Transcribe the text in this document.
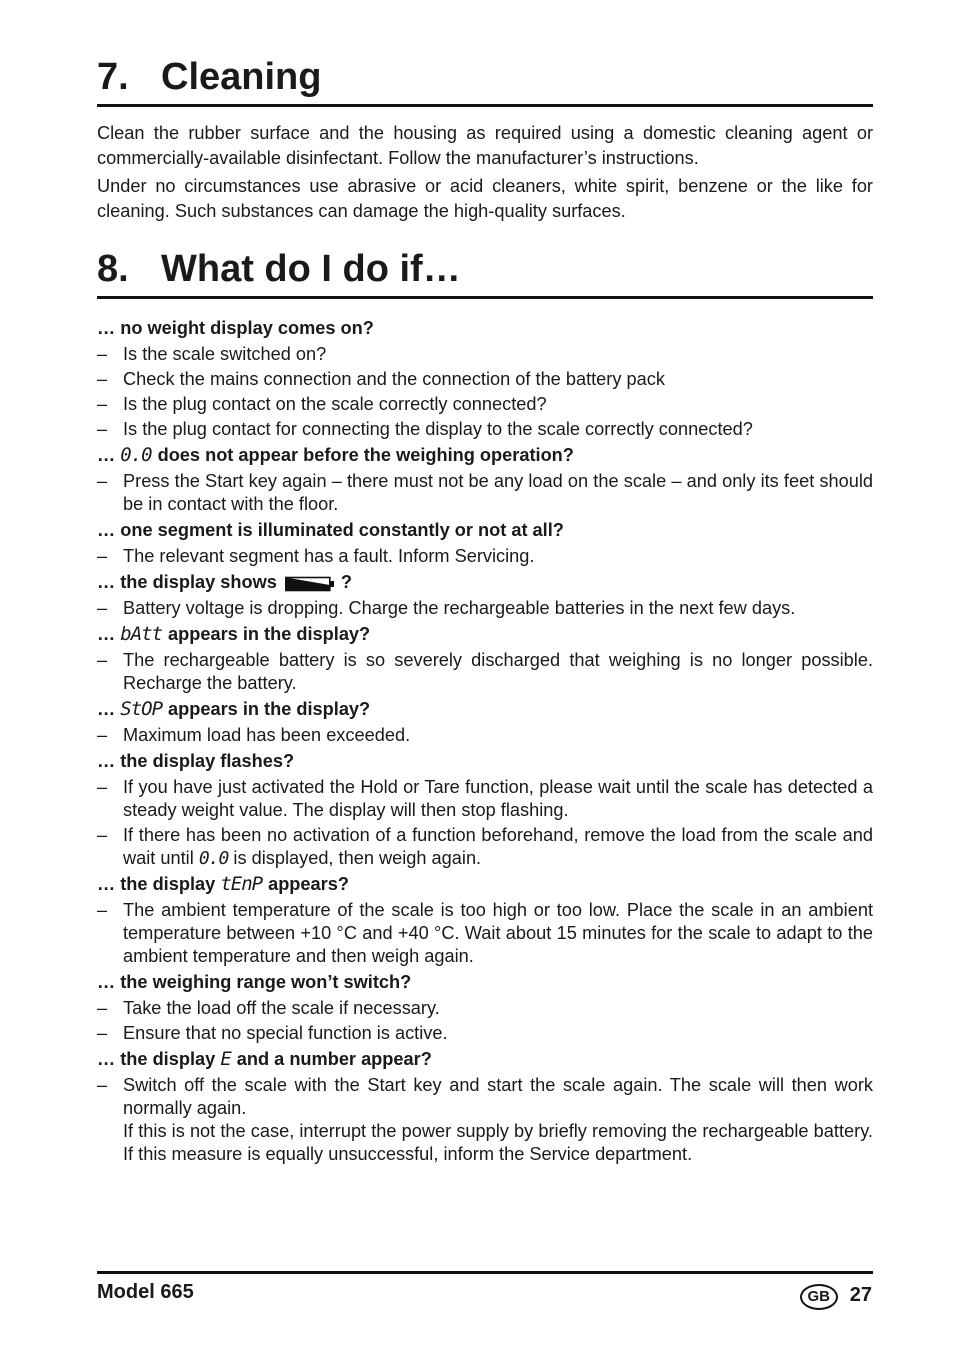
7. Cleaning

Clean the rubber surface and the housing as required using a domestic cleaning agent or commercially-available disinfectant. Follow the manufacturer’s instructions.

Under no circumstances use abrasive or acid cleaners, white spirit, benzene or the like for cleaning. Such substances can damage the high-quality surfaces.

8. What do I do if…
… no weight display comes on?
– Is the scale switched on?
– Check the mains connection and the connection of the battery pack
– Is the plug contact on the scale correctly connected?
– Is the plug contact for connecting the display to the scale correctly connected?
… 0.0 does not appear before the weighing operation?
– Press the Start key again – there must not be any load on the scale – and only its feet should be in contact with the floor.
… one segment is illuminated constantly or not at all?
– The relevant segment has a fault. Inform Servicing.
… the display shows	?
– Battery voltage is dropping. Charge the rechargeable batteries in the next few days.
… bAtt appears in the display?
– The rechargeable battery is so severely discharged that weighing is no longer possible. Recharge the battery.
… StOP appears in the display?
– Maximum load has been exceeded.
… the display flashes?
– If you have just activated the Hold or Tare function, please wait until the scale has detected a steady weight value. The display will then stop flashing.
– If there has been no activation of a function beforehand, remove the load from the scale and wait until 0.0 is displayed, then weigh again.
… the display tEnP appears?
– The ambient temperature of the scale is too high or too low. Place the scale in an ambient temperature between +10 °C and +40 °C. Wait about 15 minutes for the scale to adapt to the ambient temperature and then weigh again.
… the weighing range won’t switch?
– Take the load off the scale if necessary.
– Ensure that no special function is active.
… the display E and a number appear?
– Switch off the scale with the Start key and start the scale again. The scale will then work normally again.
If this is not the case, interrupt the power supply by briefly removing the rechargeable battery. If this measure is equally unsuccessful, inform the Service department.
Model 665	GB 27
